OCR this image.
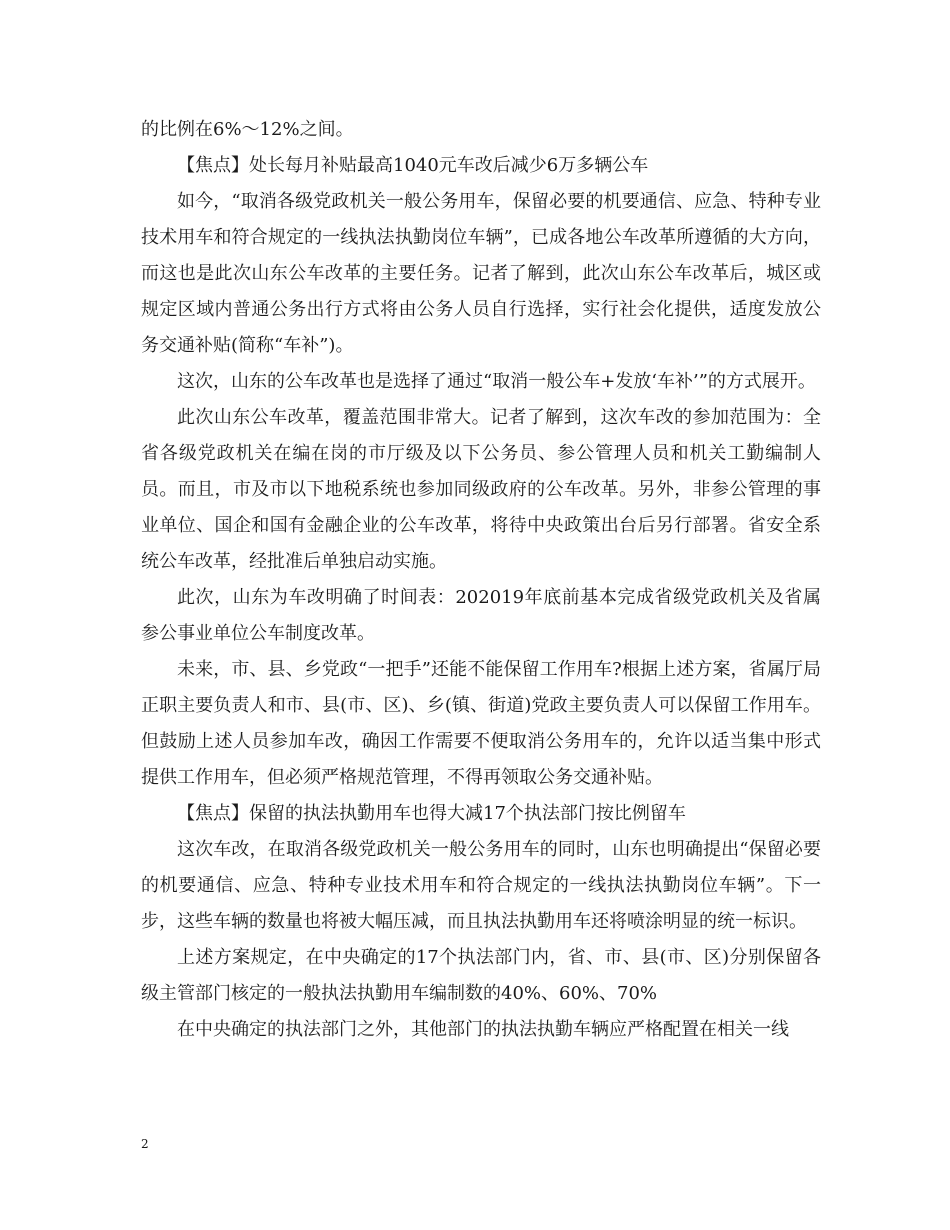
的比例在6%～12%之间。

【焦点】处长每月补贴最高1040元车改后减少6万多辆公车

如今，“取消各级党政机关一般公务用车，保留必要的机要通信、应急、特种专业技术用车和符合规定的一线执法执勤岗位车辆”，已成各地公车改革所遵循的大方向，而这也是此次山东公车改革的主要任务。记者了解到，此次山东公车改革后，城区或规定区域内普通公务出行方式将由公务人员自行选择，实行社会化提供，适度发放公务交通补贴(简称“车补”)。

这次，山东的公车改革也是选择了通过“取消一般公车+发放‘车补’”的方式展开。

此次山东公车改革，覆盖范围非常大。记者了解到，这次车改的参加范围为：全省各级党政机关在编在岗的市厅级及以下公务员、参公管理人员和机关工勤编制人员。而且，市及市以下地税系统也参加同级政府的公车改革。另外，非参公管理的事业单位、国企和国有金融企业的公车改革，将待中央政策出台后另行部署。省安全系统公车改革，经批准后单独启动实施。

此次，山东为车改明确了时间表：202019年底前基本完成省级党政机关及省属参公事业单位公车制度改革。

未来，市、县、乡党政“一把手”还能不能保留工作用车?根据上述方案，省属厅局正职主要负责人和市、县(市、区)、乡(镇、街道)党政主要负责人可以保留工作用车。但鼓励上述人员参加车改，确因工作需要不便取消公务用车的，允许以适当集中形式提供工作用车，但必须严格规范管理，不得再领取公务交通补贴。

【焦点】保留的执法执勤用车也得大减17个执法部门按比例留车

这次车改，在取消各级党政机关一般公务用车的同时，山东也明确提出“保留必要的机要通信、应急、特种专业技术用车和符合规定的一线执法执勤岗位车辆”。下一步，这些车辆的数量也将被大幅压减，而且执法执勤用车还将喷涂明显的统一标识。

上述方案规定，在中央确定的17个执法部门内，省、市、县(市、区)分别保留各级主管部门核定的一般执法执勤用车编制数的40%、60%、70%

在中央确定的执法部门之外，其他部门的执法执勤车辆应严格配置在相关一线

2
